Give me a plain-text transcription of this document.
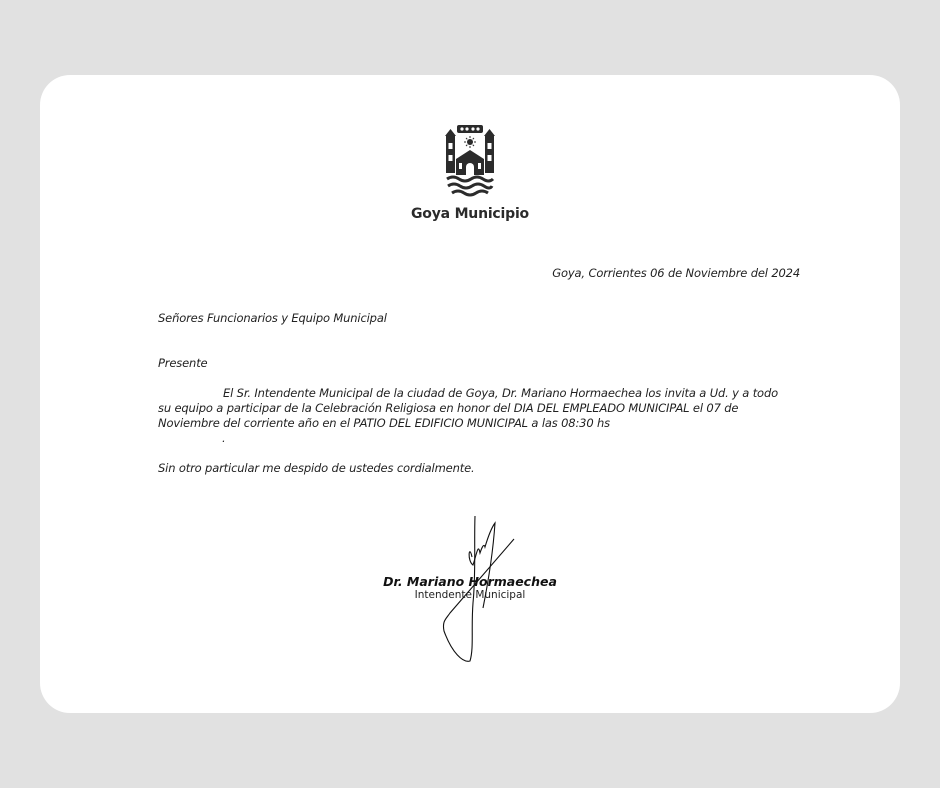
Goya Municipio
Goya, Corrientes 06 de Noviembre del 2024
Señores Funcionarios y Equipo Municipal
Presente
El Sr. Intendente Municipal de la ciudad de Goya, Dr. Mariano Hormaechea los invita a Ud. y a todo
su equipo a participar de la Celebración Religiosa en honor del DIA DEL EMPLEADO MUNICIPAL el 07 de
Noviembre del corriente año en el PATIO DEL EDIFICIO MUNICIPAL a las 08:30 hs
.
Sin otro particular me despido de ustedes cordialmente.
Dr. Mariano Hormaechea
Intendente Municipal
